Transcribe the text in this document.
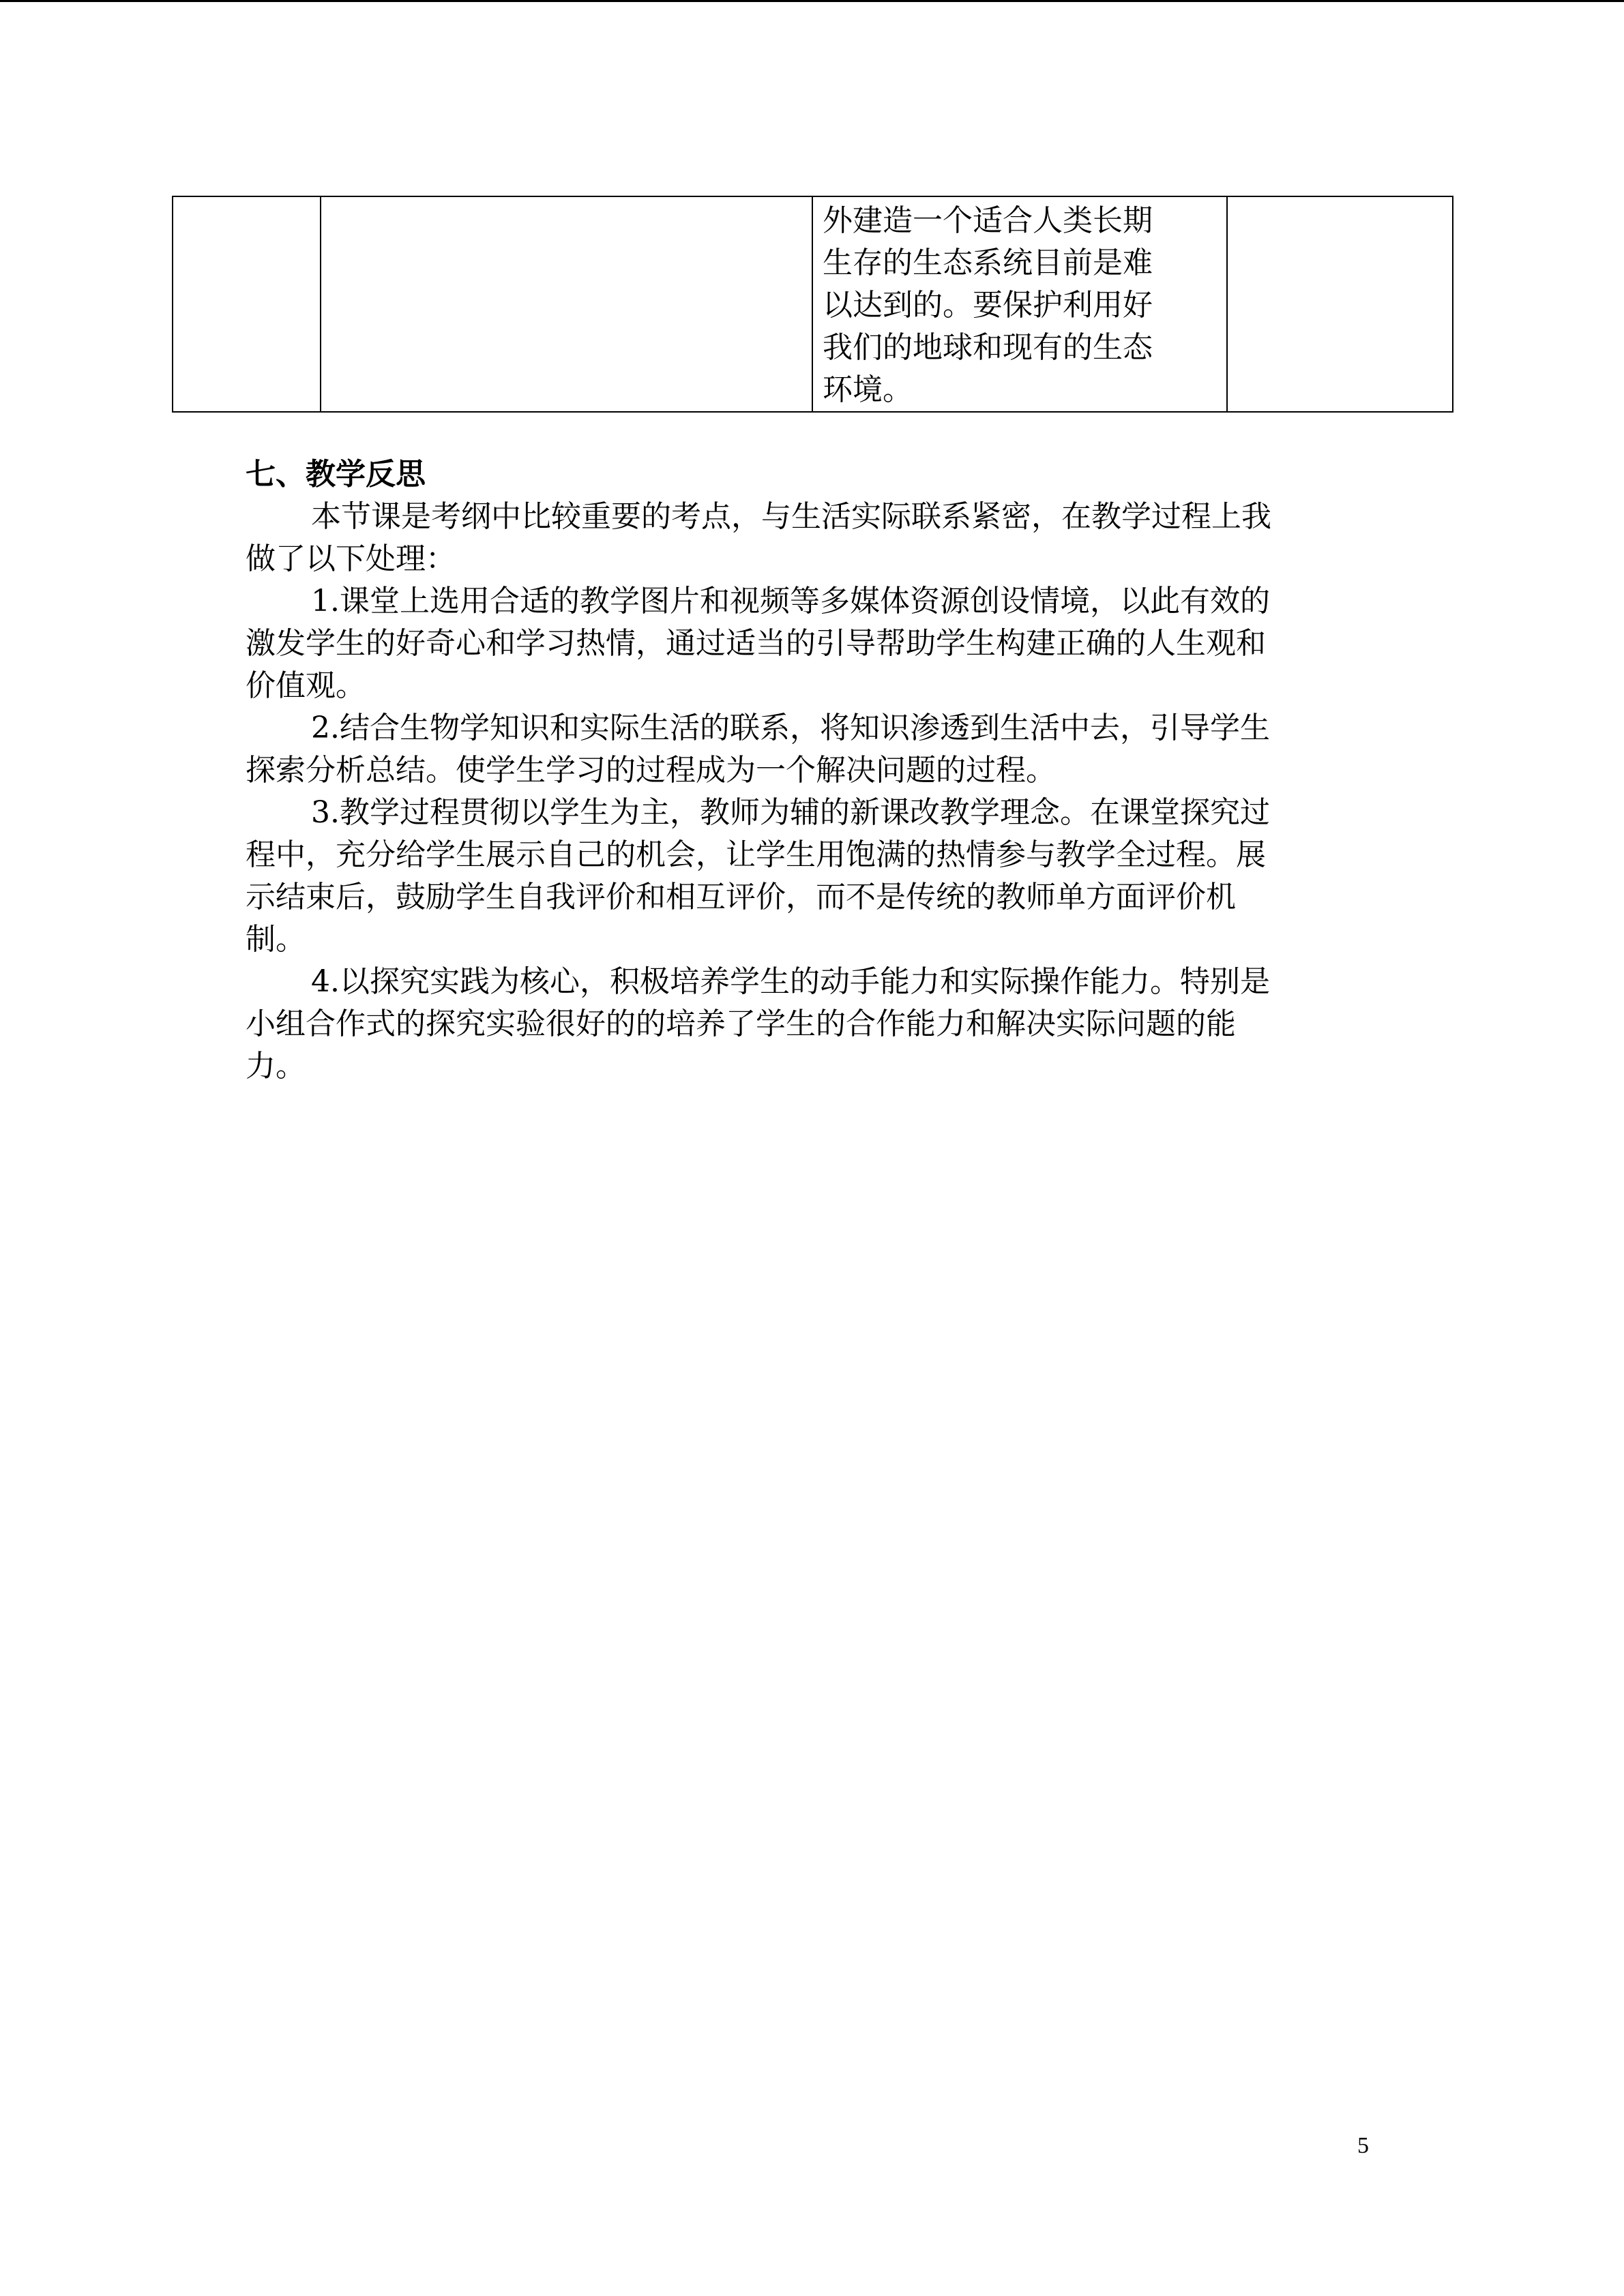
外建造一个适合人类长期
生存的生态系统目前是难
以达到的。要保护利用好
我们的地球和现有的生态
环境。

七、教学反思
本节课是考纲中比较重要的考点，与生活实际联系紧密，在教学过程上我
做了以下处理：
1.课堂上选用合适的教学图片和视频等多媒体资源创设情境，以此有效的
激发学生的好奇心和学习热情，通过适当的引导帮助学生构建正确的人生观和
价值观。
2.结合生物学知识和实际生活的联系，将知识渗透到生活中去，引导学生
探索分析总结。使学生学习的过程成为一个解决问题的过程。
3.教学过程贯彻以学生为主，教师为辅的新课改教学理念。在课堂探究过
程中，充分给学生展示自己的机会，让学生用饱满的热情参与教学全过程。展
示结束后，鼓励学生自我评价和相互评价，而不是传统的教师单方面评价机
制。
4.以探究实践为核心，积极培养学生的动手能力和实际操作能力。特别是
小组合作式的探究实验很好的的培养了学生的合作能力和解决实际问题的能
力。
5
